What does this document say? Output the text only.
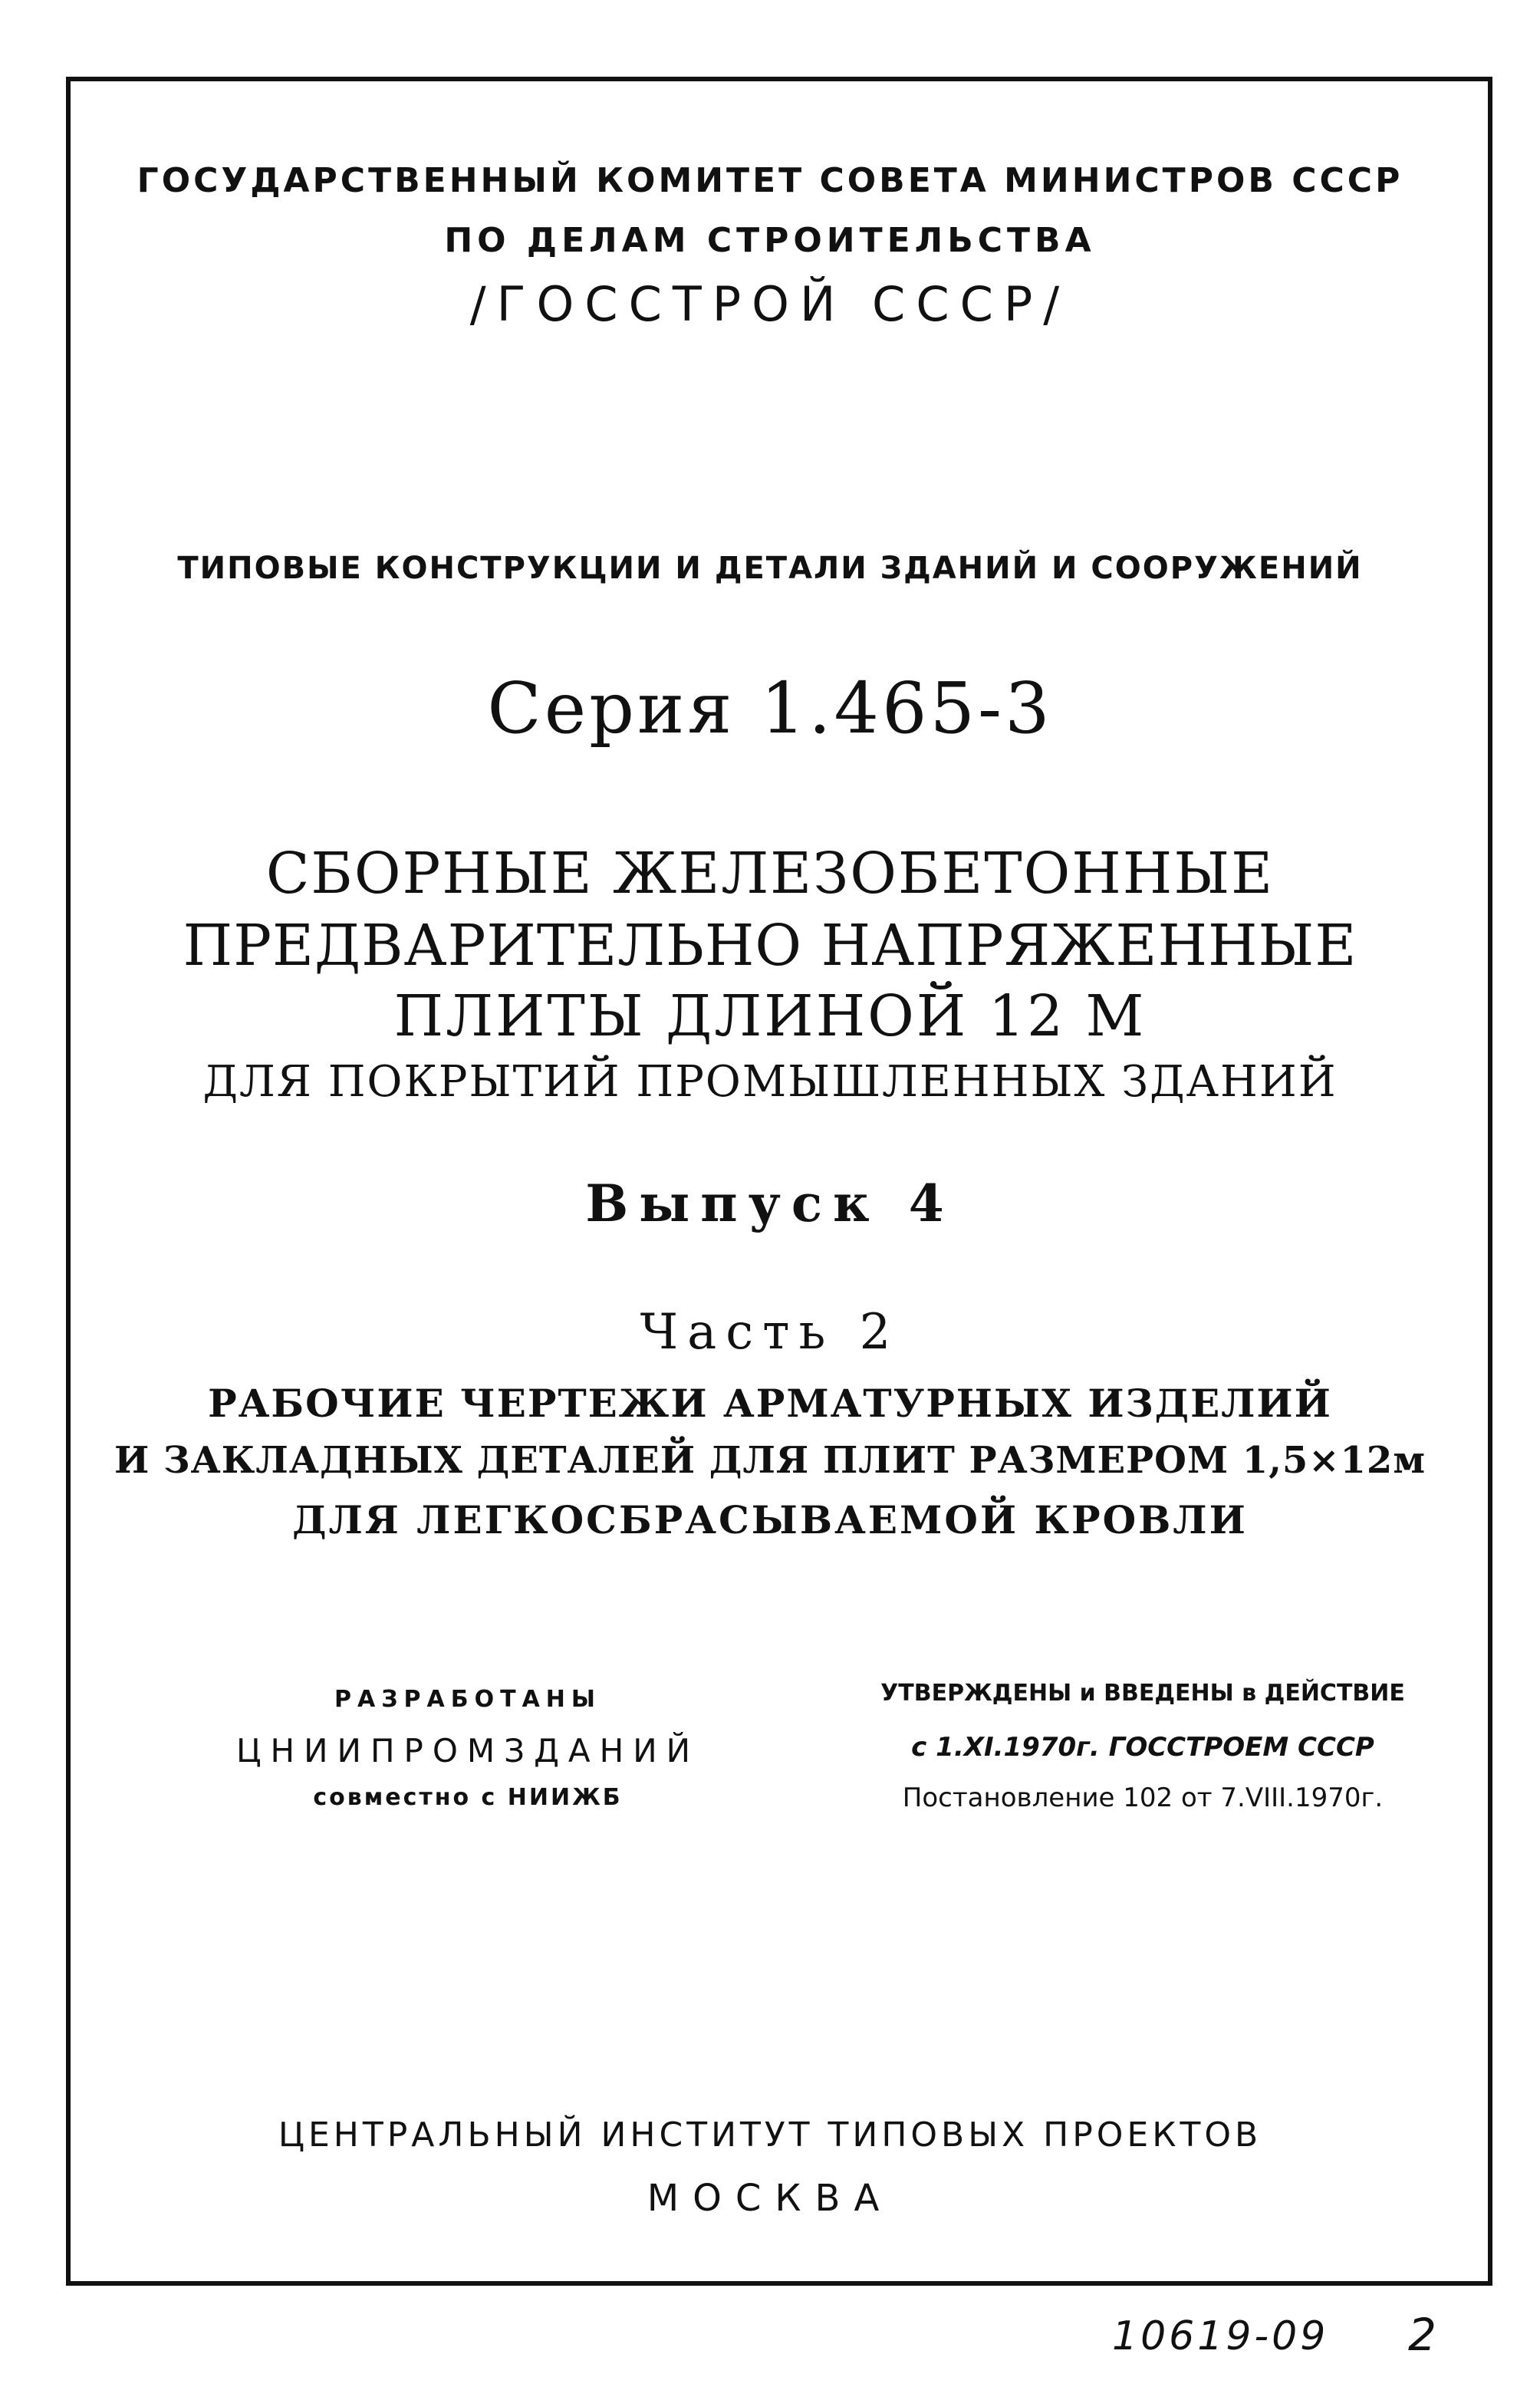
ГОСУДАРСТВЕННЫЙ КОМИТЕТ СОВЕТА МИНИСТРОВ СССР
ПО ДЕЛАМ СТРОИТЕЛЬСТВА
/ГОССТРОЙ СССР/
ТИПОВЫЕ КОНСТРУКЦИИ И ДЕТАЛИ ЗДАНИЙ И СООРУЖЕНИЙ
Серия 1.465-3
СБОРНЫЕ ЖЕЛЕЗОБЕТОННЫЕ
ПРЕДВАРИТЕЛЬНО НАПРЯЖЕННЫЕ
ПЛИТЫ ДЛИНОЙ 12 М
ДЛЯ ПОКРЫТИЙ ПРОМЫШЛЕННЫХ ЗДАНИЙ
Выпуск 4
Часть 2
РАБОЧИЕ ЧЕРТЕЖИ АРМАТУРНЫХ ИЗДЕЛИЙ
И ЗАКЛАДНЫХ ДЕТАЛЕЙ ДЛЯ ПЛИТ РАЗМЕРОМ 1,5×12м
ДЛЯ ЛЕГКОСБРАСЫВАЕМОЙ КРОВЛИ
РАЗРАБОТАНЫ
ЦНИИПРОМЗДАНИЙ
совместно с НИИЖБ
УТВЕРЖДЕНЫ и ВВЕДЕНЫ в ДЕЙСТВИЕ
с 1.XI.1970г. ГОССТРОЕМ СССР
Постановление 102 от 7.VIII.1970г.
ЦЕНТРАЛЬНЫЙ ИНСТИТУТ ТИПОВЫХ ПРОЕКТОВ
МОСКВА
10619-09 2
